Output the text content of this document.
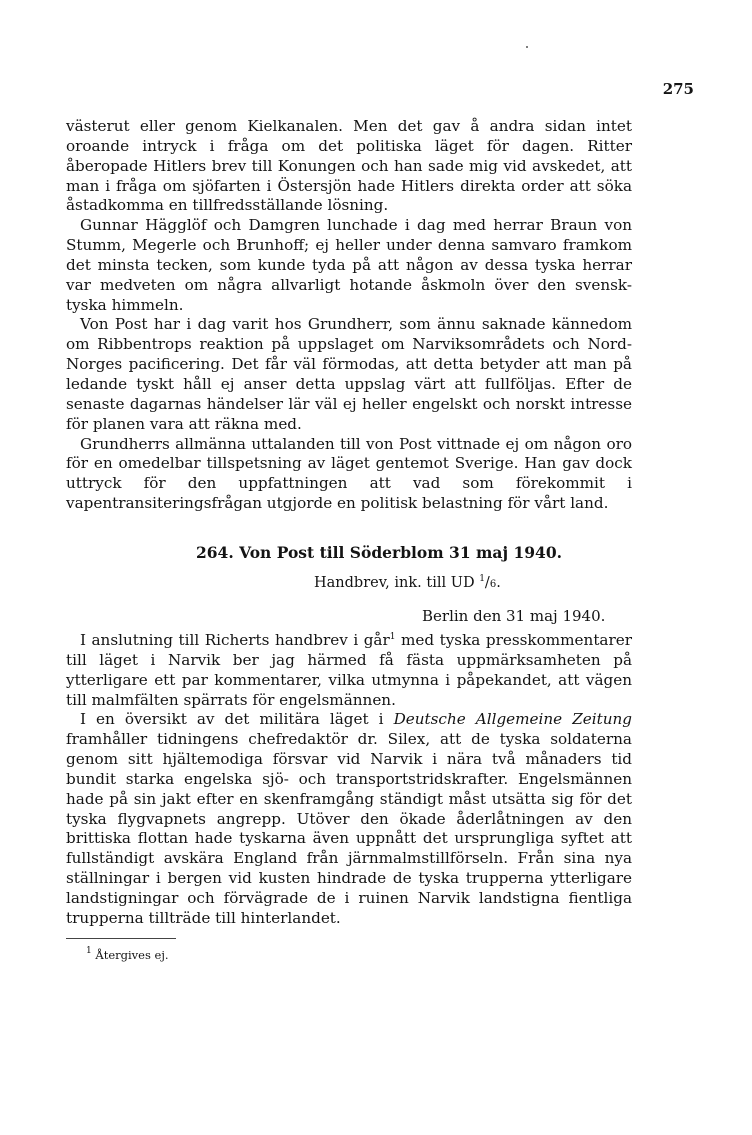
275

västerut eller genom Kielkanalen. Men det gav å andra sidan intet oroande intryck i fråga om det politiska läget för dagen. Ritter åberopade Hitlers brev till Konungen och han sade mig vid avskedet, att man i fråga om sjöfarten i Östersjön hade Hitlers direkta order att söka åstadkomma en tillfredsställande lösning.

Gunnar Hägglöf och Damgren lunchade i dag med herrar Braun von Stumm, Megerle och Brunhoff; ej heller under denna samvaro framkom det minsta tecken, som kunde tyda på att någon av dessa tyska herrar var medveten om några allvarligt hotande åskmoln över den svensk-tyska himmeln.

Von Post har i dag varit hos Grundherr, som ännu saknade kännedom om Ribbentrops reaktion på uppslaget om Narviksområdets och Nord-Norges pacificering. Det får väl förmodas, att detta betyder att man på ledande tyskt håll ej anser detta uppslag värt att fullföljas. Efter de senaste dagarnas händelser lär väl ej heller engelskt och norskt intresse för planen vara att räkna med.

Grundherrs allmänna uttalanden till von Post vittnade ej om någon oro för en omedelbar tillspetsning av läget gentemot Sverige. Han gav dock uttryck för den uppfattningen att vad som förekommit i vapentransiteringsfrågan utgjorde en politisk belastning för vårt land.

264. Von Post till Söderblom 31 maj 1940.
Handbrev, ink. till UD $^1$/6.
Berlin den 31 maj 1940.

I anslutning till Richerts handbrev i går$^1$ med tyska presskommentarer till läget i Narvik ber jag härmed få fästa uppmärksamheten på ytterligare ett par kommentarer, vilka utmynna i påpekandet, att vägen till malmfälten spärrats för engelsmännen.

I en översikt av det militära läget i Deutsche Allgemeine Zeitung framhåller tidningens chefredaktör dr. Silex, att de tyska soldaterna genom sitt hjältemodiga försvar vid Narvik i nära två månaders tid bundit starka engelska sjö- och transportstridskrafter. Engelsmännen hade på sin jakt efter en skenframgång ständigt måst utsätta sig för det tyska flygvapnets angrepp. Utöver den ökade åderlåtningen av den brittiska flottan hade tyskarna även uppnått det ursprungliga syftet att fullständigt avskära England från järnmalmstillförseln. Från sina nya ställningar i bergen vid kusten hindrade de tyska trupperna ytterligare landstigningar och förvägrade de i ruinen Narvik landstigna fientliga trupperna tillträde till hinterlandet.

$^1$ Återgives ej.
